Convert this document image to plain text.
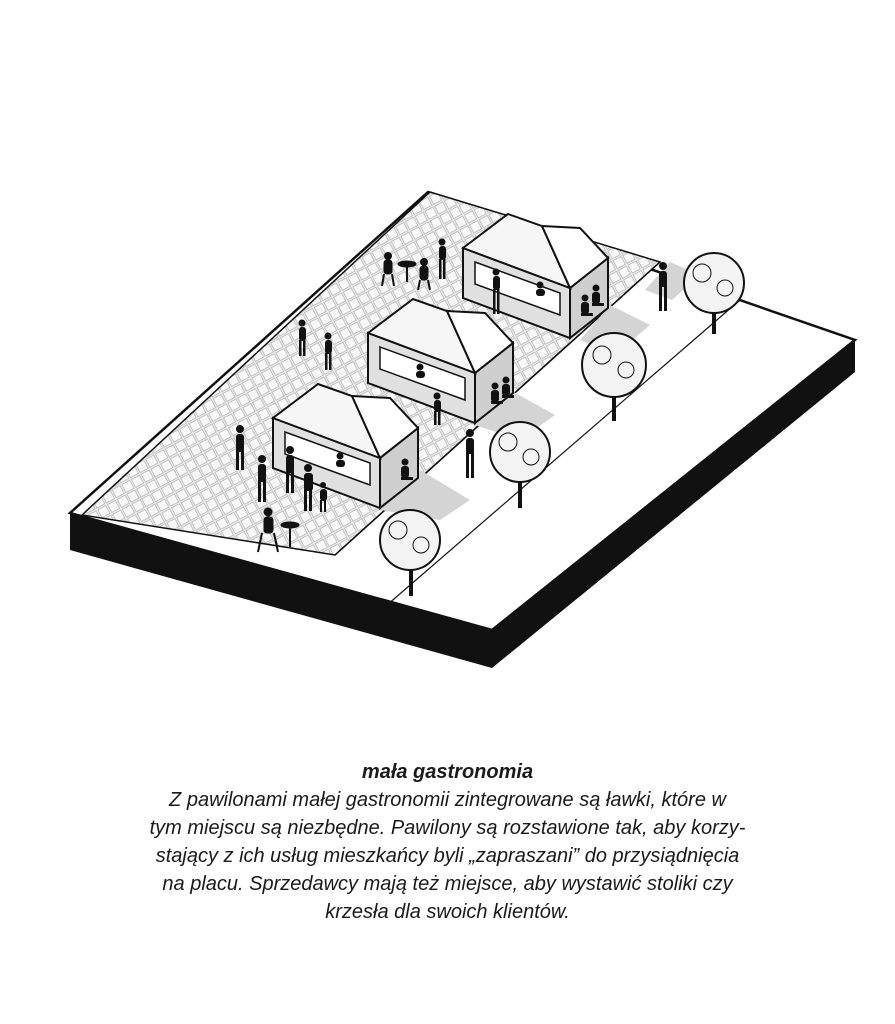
mała gastronomia

Z pawilonami małej gastronomii zintegrowane są ławki, które w

tym miejscu są niezbędne. Pawilony są rozstawione tak, aby korzy-

stający z ich usług mieszkańcy byli „zapraszani” do przysiądnięcia

na placu. Sprzedawcy mają też miejsce, aby wystawić stoliki czy

krzesła dla swoich klientów.
